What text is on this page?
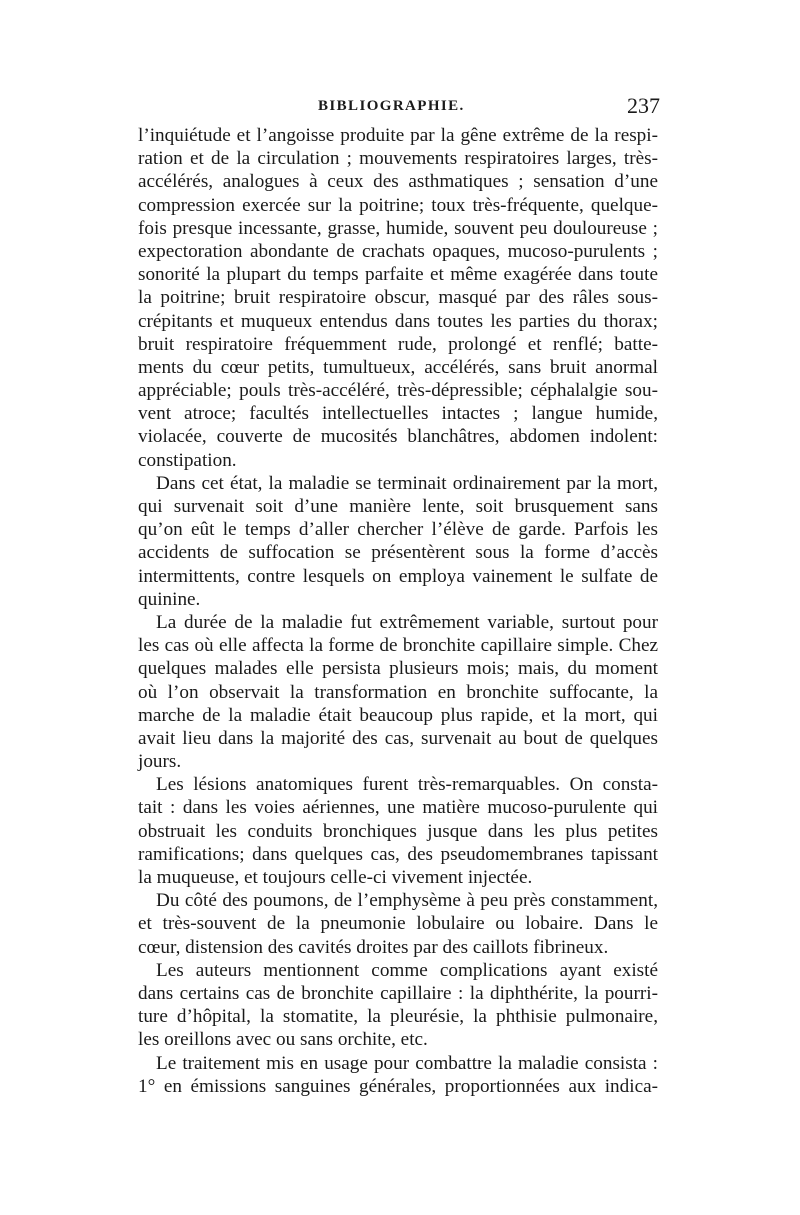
BIBLIOGRAPHIE.	237
l’inquiétude et l’angoisse produite par la gêne extrême de la respi-
ration et de la circulation ; mouvements respiratoires larges, très-
accélérés, analogues à ceux des asthmatiques ; sensation d’une
compression exercée sur la poitrine; toux très-fréquente, quelque-
fois presque incessante, grasse, humide, souvent peu douloureuse ;
expectoration abondante de crachats opaques, mucoso-purulents ;
sonorité la plupart du temps parfaite et même exagérée dans toute
la poitrine; bruit respiratoire obscur, masqué par des râles sous-
crépitants et muqueux entendus dans toutes les parties du thorax;
bruit respiratoire fréquemment rude, prolongé et renflé; batte-
ments du cœur petits, tumultueux, accélérés, sans bruit anormal
appréciable; pouls très-accéléré, très-dépressible; céphalalgie sou-
vent atroce; facultés intellectuelles intactes ; langue humide,
violacée, couverte de mucosités blanchâtres, abdomen indolent:
constipation.
Dans cet état, la maladie se terminait ordinairement par la mort,
qui survenait soit d’une manière lente, soit brusquement sans
qu’on eût le temps d’aller chercher l’élève de garde. Parfois les
accidents de suffocation se présentèrent sous la forme d’accès
intermittents, contre lesquels on employa vainement le sulfate de
quinine.
La durée de la maladie fut extrêmement variable, surtout pour
les cas où elle affecta la forme de bronchite capillaire simple. Chez
quelques malades elle persista plusieurs mois; mais, du moment
où l’on observait la transformation en bronchite suffocante, la
marche de la maladie était beaucoup plus rapide, et la mort, qui
avait lieu dans la majorité des cas, survenait au bout de quelques
jours.
Les lésions anatomiques furent très-remarquables. On consta-
tait : dans les voies aériennes, une matière mucoso-purulente qui
obstruait les conduits bronchiques jusque dans les plus petites
ramifications; dans quelques cas, des pseudomembranes tapissant
la muqueuse, et toujours celle-ci vivement injectée.
Du côté des poumons, de l’emphysème à peu près constamment,
et très-souvent de la pneumonie lobulaire ou lobaire. Dans le
cœur, distension des cavités droites par des caillots fibrineux.
Les auteurs mentionnent comme complications ayant existé
dans certains cas de bronchite capillaire : la diphthérite, la pourri-
ture d’hôpital, la stomatite, la pleurésie, la phthisie pulmonaire,
les oreillons avec ou sans orchite, etc.
Le traitement mis en usage pour combattre la maladie consista :
1° en émissions sanguines générales, proportionnées aux indica-
